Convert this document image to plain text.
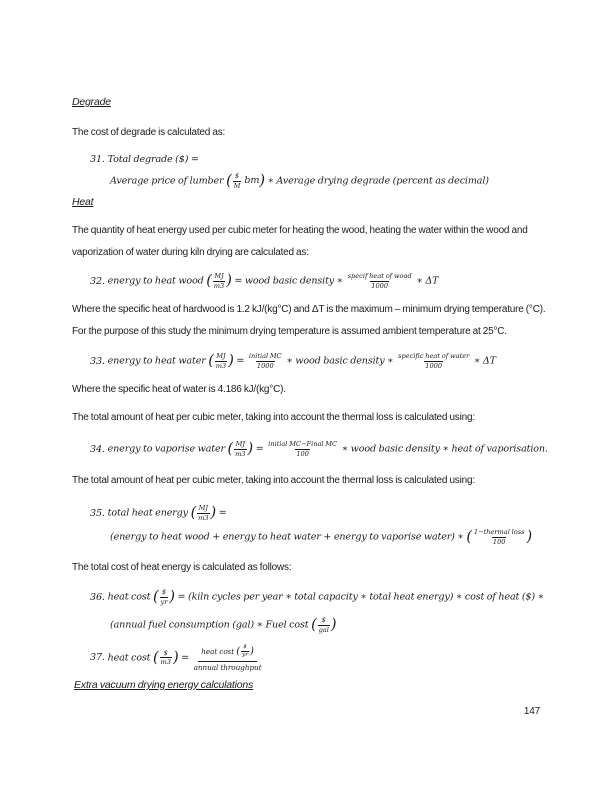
Degrade
The cost of degrade is calculated as:
31. Total degrade ($) =
Average price of lumber ( $\frac{\$}{M}$ bm ) ∗ Average drying degrade (percent as decimal)
Heat
The quantity of heat energy used per cubic meter for heating the wood, heating the water within the wood and
vaporization of water during kiln drying are calculated as:
32. energy to heat wood ( $\frac{MJ}{m3}$ ) = wood basic density ∗ $\frac{\text{specif heat of wood}}{1000}$ ∗ ΔT
Where the specific heat of hardwood is 1.2 kJ/(kg°C) and ΔT is the maximum – minimum drying temperature (°C).
For the purpose of this study the minimum drying temperature is assumed ambient temperature at 25°C.
33. energy to heat water ( $\frac{MJ}{m3}$ ) = $\frac{\text{initial MC}}{1000}$ ∗ wood basic density ∗ $\frac{\text{specific heat of water}}{1000}$ ∗ ΔT
Where the specific heat of water is 4.186 kJ/(kg°C).
The total amount of heat per cubic meter, taking into account the thermal loss is calculated using:
34. energy to vaporise water ( $\frac{MJ}{m3}$ ) = $\frac{\text{initial MC−Final MC}}{100}$ ∗ wood basic density ∗ heat of vaporisation.
The total amount of heat per cubic meter, taking into account the thermal loss is calculated using:
35. total heat energy ( $\frac{MJ}{m3}$ ) =
(energy to heat wood + energy to heat water + energy to vaporise water) ∗ ( $\frac{\text{1−thermal loss}}{100}$ )
The total cost of heat energy is calculated as follows:
36. heat cost ( $\frac{\$}{yr}$ ) = (kiln cycles per year ∗ total capacity ∗ total heat energy) ∗ cost of heat ($) ∗
(annual fuel consumption (gal) ∗ Fuel cost ( $\frac{\$}{\text{gal}}$ )
37. heat cost ( $\frac{\$}{m3}$ ) =
heat cost ( $\frac{\$}{yr}$ )
annual throughput
Extra vacuum drying energy calculations
147
